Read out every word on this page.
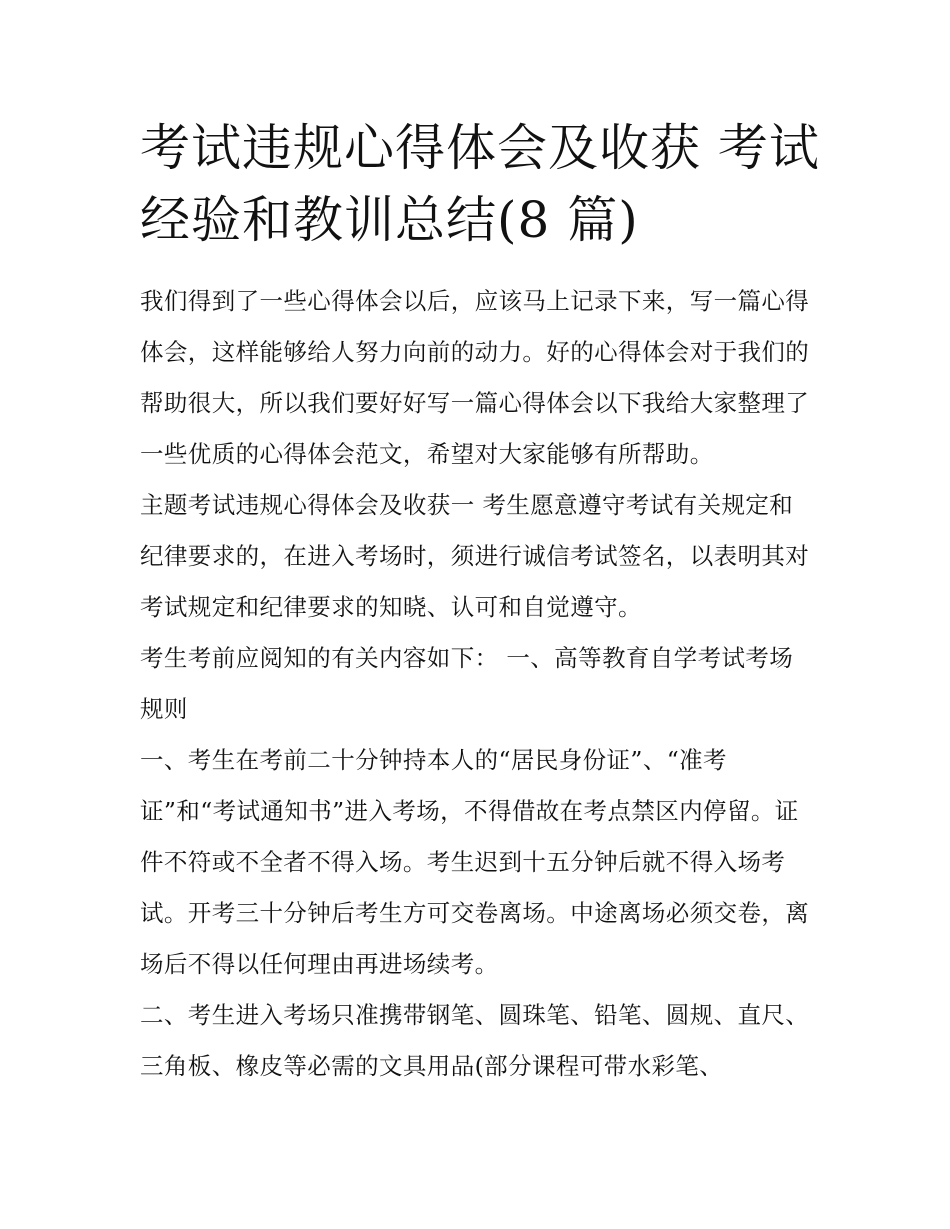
考试违规心得体会及收获 考试经验和教训总结(8 篇)

我们得到了一些心得体会以后，应该马上记录下来，写一篇心得体会，这样能够给人努力向前的动力。好的心得体会对于我们的帮助很大，所以我们要好好写一篇心得体会以下我给大家整理了一些优质的心得体会范文，希望对大家能够有所帮助。

主题考试违规心得体会及收获一 考生愿意遵守考试有关规定和纪律要求的，在进入考场时，须进行诚信考试签名，以表明其对考试规定和纪律要求的知晓、认可和自觉遵守。

考生考前应阅知的有关内容如下： 一、高等教育自学考试考场规则

一、考生在考前二十分钟持本人的“居民身份证”、“准考证”和“考试通知书”进入考场，不得借故在考点禁区内停留。证件不符或不全者不得入场。考生迟到十五分钟后就不得入场考试。开考三十分钟后考生方可交卷离场。中途离场必须交卷，离场后不得以任何理由再进场续考。

二、考生进入考场只准携带钢笔、圆珠笔、铅笔、圆规、直尺、三角板、橡皮等必需的文具用品(部分课程可带水彩笔、
